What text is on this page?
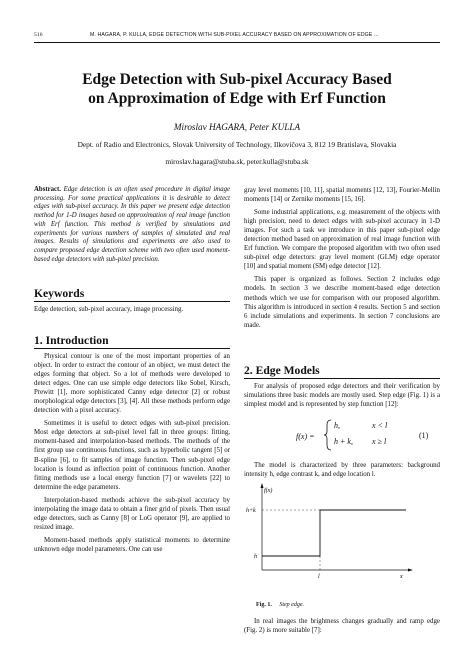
516	M. HAGARA, P. KULLA, EDGE DETECTION WITH SUB-PIXEL ACCURACY BASED ON APPROXIMATION OF EDGE ...
Edge Detection with Sub-pixel Accuracy Based
on Approximation of Edge with Erf Function
Miroslav HAGARA, Peter KULLA
Dept. of Radio and Electronics, Slovak University of Technology, Ilkovičova 3, 812 19 Bratislava, Slovakia
miroslav.hagara@stuba.sk, peter.kulla@stuba.sk
Abstract. Edge detection is an often used procedure in digital image processing. For some practical applications it is desirable to detect edges with sub-pixel accuracy. In this paper we present edge detection method for 1-D images based on approximation of real image function with Erf function. This method is verified by simulations and experiments for various numbers of samples of simulated and real images. Results of simulations and experiments are also used to compare proposed edge detection scheme with two often used moment-based edge detectors with sub-pixel precision.
Keywords
Edge detection, sub-pixel accuracy, image processing.
1. Introduction

Physical contour is one of the most important properties of an object. In order to extract the contour of an object, we must detect the edges forming that object. So a lot of methods were developed to detect edges. One can use simple edge detectors like Sobel, Kirsch, Prewitt [1], more sophisticated Canny edge detector [2] or robust morphological edge detectors [3], [4]. All these methods perform edge detection with a pixel accuracy.

Sometimes it is useful to detect edges with sub-pixel precision. Most edge detectors at sub-pixel level fall in three groups: fitting, moment-based and interpolation-based methods. The methods of the first group use continuous functions, such as hyperbolic tangent [5] or B-spline [6], to fit samples of image function. Then sub-pixel edge location is found as inflection point of continuous function. Another fitting methods use a local energy function [7] or wavelets [22] to determine the edge parameters.

Interpolation-based methods achieve the sub-pixel accuracy by interpolating the image data to obtain a finer grid of pixels. Then usual edge detectors, such as Canny [8] or LoG operator [9], are applied to resized image.

Moment-based methods apply statistical moments to determine unknown edge model parameters. One can use

gray level moments [10, 11], spatial moments [12, 13], Fourier-Mellin moments [14] or Zernike moments [15, 16].

Some industrial applications, e.g. measurement of the objects with high precision, need to detect edges with sub-pixel accuracy in 1-D images. For such a task we introduce in this paper sub-pixel edge detection method based on approximation of real image function with Erf function. We compare the proposed algorithm with two often used sub-pixel edge detectors: gray level moment (GLM) edge operator [10] and spatial moment (SM) edge detector [12].

This paper is organized as follows. Section 2 includes edge models. In section 3 we describe moment-based edge detection methods which we use for comparison with our proposed algorithm. This algorithm is introduced in section 4 results. Section 5 and section 6 include simulations and experiments. In section 7 conclusions are made.

2. Edge Models

For analysis of proposed edge detectors and their verification by simulations three basic models are mostly used. Step edge (Fig. 1) is a simplest model and is represented by step function [12]:

f(x) =
h,	x < l
h + k, x ≥ l
(1)

The model is characterized by three parameters: background intensity h, edge contrast k, and edge location l.

f(x)
h+k
h
l	x
Fig. 1. Step edge.

In real images the brightness changes gradually and ramp edge (Fig. 2) is more suitable [7]:
